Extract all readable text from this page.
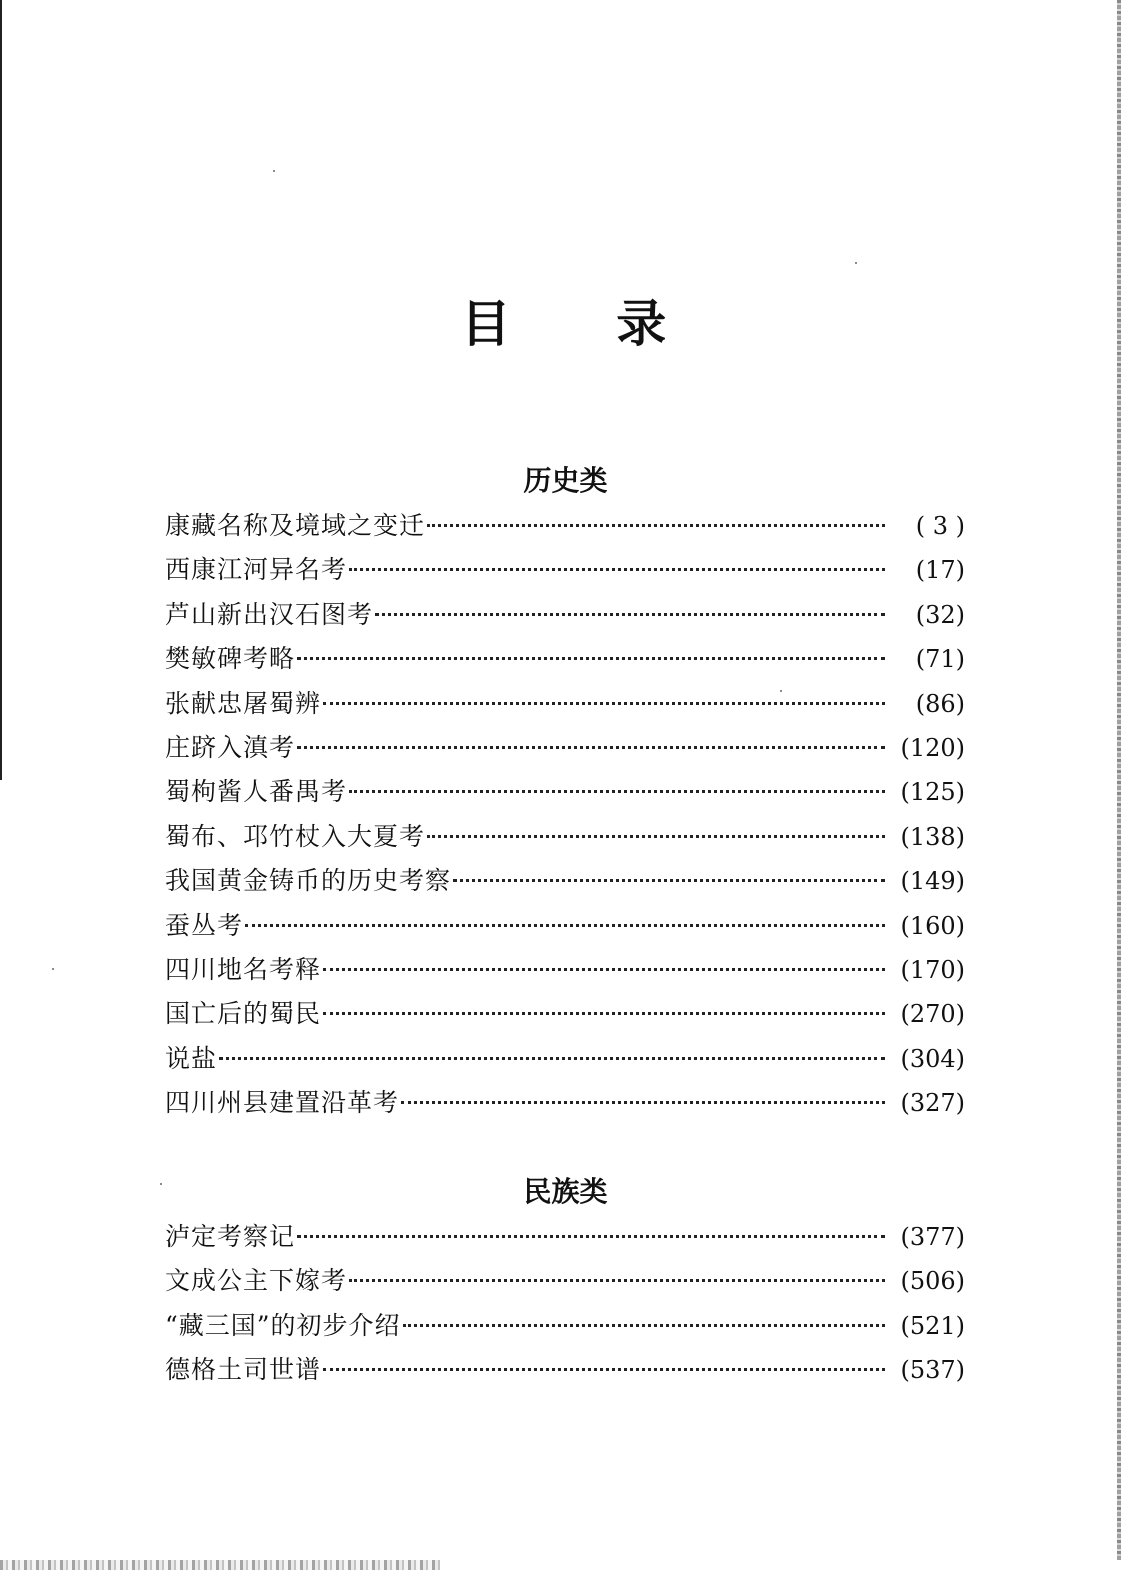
目 录
历史类
康藏名称及境域之变迁	( 3 )
西康江河异名考	(17)
芦山新出汉石图考	(32)
樊敏碑考略	(71)
张献忠屠蜀辨	(86)
庄跻入滇考	(120)
蜀枸酱人番禺考	(125)
蜀布、邛竹杖入大夏考	(138)
我国黄金铸币的历史考察	(149)
蚕丛考	(160)
四川地名考释	(170)
国亡后的蜀民	(270)
说盐	(304)
四川州县建置沿革考	(327)
民族类
泸定考察记	(377)
文成公主下嫁考	(506)
“藏三国”的初步介绍	(521)
德格土司世谱	(537)
